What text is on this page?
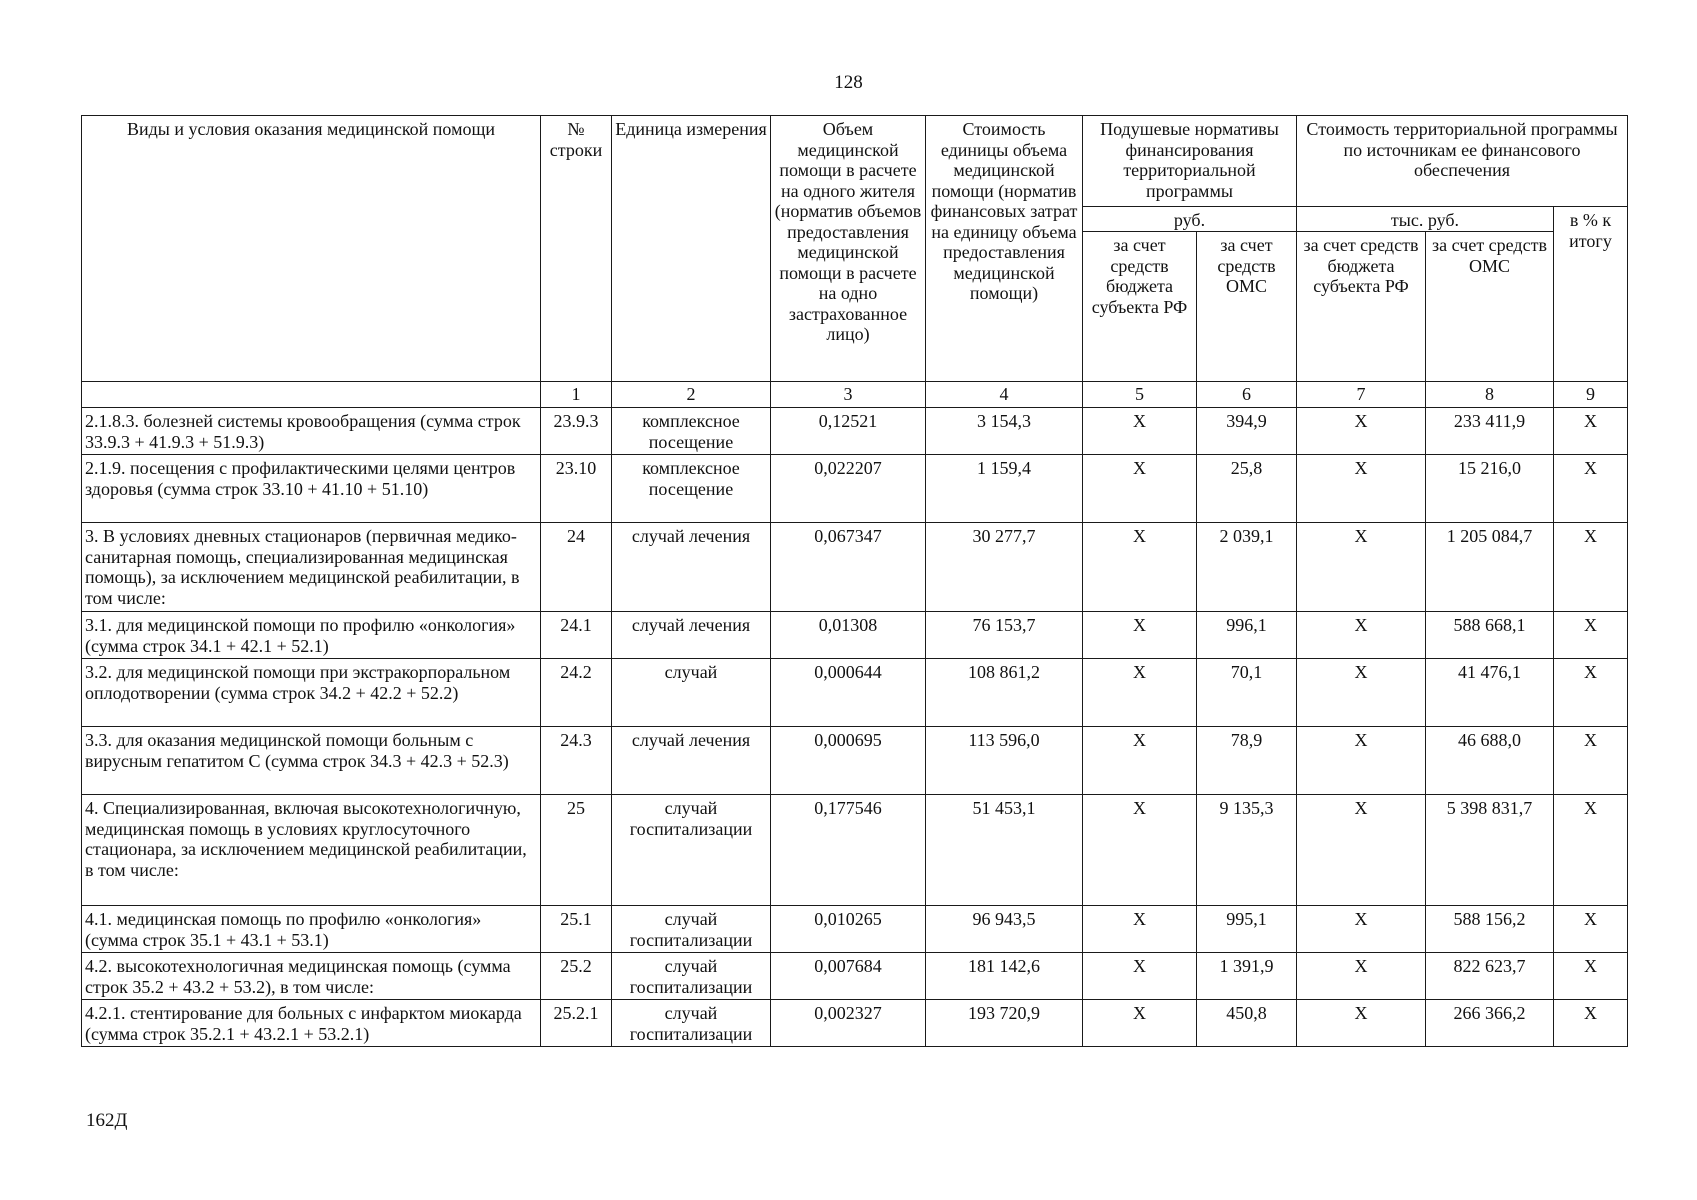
128
Виды и условия оказания медицинской помощи	№ строки	Единица измерения	Объем медицинской помощи в расчете на одного жителя (норматив объемов предоставления медицинской помощи в расчете на одно застрахованное лицо)	Стоимость единицы объема медицинской помощи (норматив финансовых затрат на единицу объема предоставления медицинской помощи)	Подушевые нормативы финансирования территориальной программы		Стоимость территориальной программы по источникам ее финансового обеспечения		
					руб.		тыс. руб.		в % к итогу
					за счет средств бюджета субъекта РФ	за счет средств ОМС	за счет средств бюджета субъекта РФ	за счет средств ОМС	
	1	2	3	4	5	6	7	8	9
2.1.8.3. болезней системы кровообращения (сумма строк 33.9.3 + 41.9.3 + 51.9.3)	23.9.3	комплексное посещение	0,12521	3 154,3	X	394,9	X	233 411,9	X
2.1.9. посещения с профилактическими целями центров здоровья (сумма строк 33.10 + 41.10 + 51.10)	23.10	комплексное посещение	0,022207	1 159,4	X	25,8	X	15 216,0	X
3. В условиях дневных стационаров (первичная медико-санитарная помощь, специализированная медицинская помощь), за исключением медицинской реабилитации, в том числе:	24	случай лечения	0,067347	30 277,7	X	2 039,1	X	1 205 084,7	X
3.1. для медицинской помощи по профилю «онкология» (сумма строк 34.1 + 42.1 + 52.1)	24.1	случай лечения	0,01308	76 153,7	X	996,1	X	588 668,1	X
3.2. для медицинской помощи при экстракорпоральном оплодотворении (сумма строк 34.2 + 42.2 + 52.2)	24.2	случай	0,000644	108 861,2	X	70,1	X	41 476,1	X
3.3. для оказания медицинской помощи больным с вирусным гепатитом С (сумма строк 34.3 + 42.3 + 52.3)	24.3	случай лечения	0,000695	113 596,0	X	78,9	X	46 688,0	X
4. Специализированная, включая высокотехнологичную, медицинская помощь в условиях круглосуточного стационара, за исключением медицинской реабилитации, в том числе:	25	случай госпитализации	0,177546	51 453,1	X	9 135,3	X	5 398 831,7	X
4.1. медицинская помощь по профилю «онкология» (сумма строк 35.1 + 43.1 + 53.1)	25.1	случай госпитализации	0,010265	96 943,5	X	995,1	X	588 156,2	X
4.2. высокотехнологичная медицинская помощь (сумма строк 35.2 + 43.2 + 53.2), в том числе:	25.2	случай госпитализации	0,007684	181 142,6	X	1 391,9	X	822 623,7	X
4.2.1. стентирование для больных с инфарктом миокарда (сумма строк 35.2.1 + 43.2.1 + 53.2.1)	25.2.1	случай госпитализации	0,002327	193 720,9	X	450,8	X	266 366,2	X
162Д
